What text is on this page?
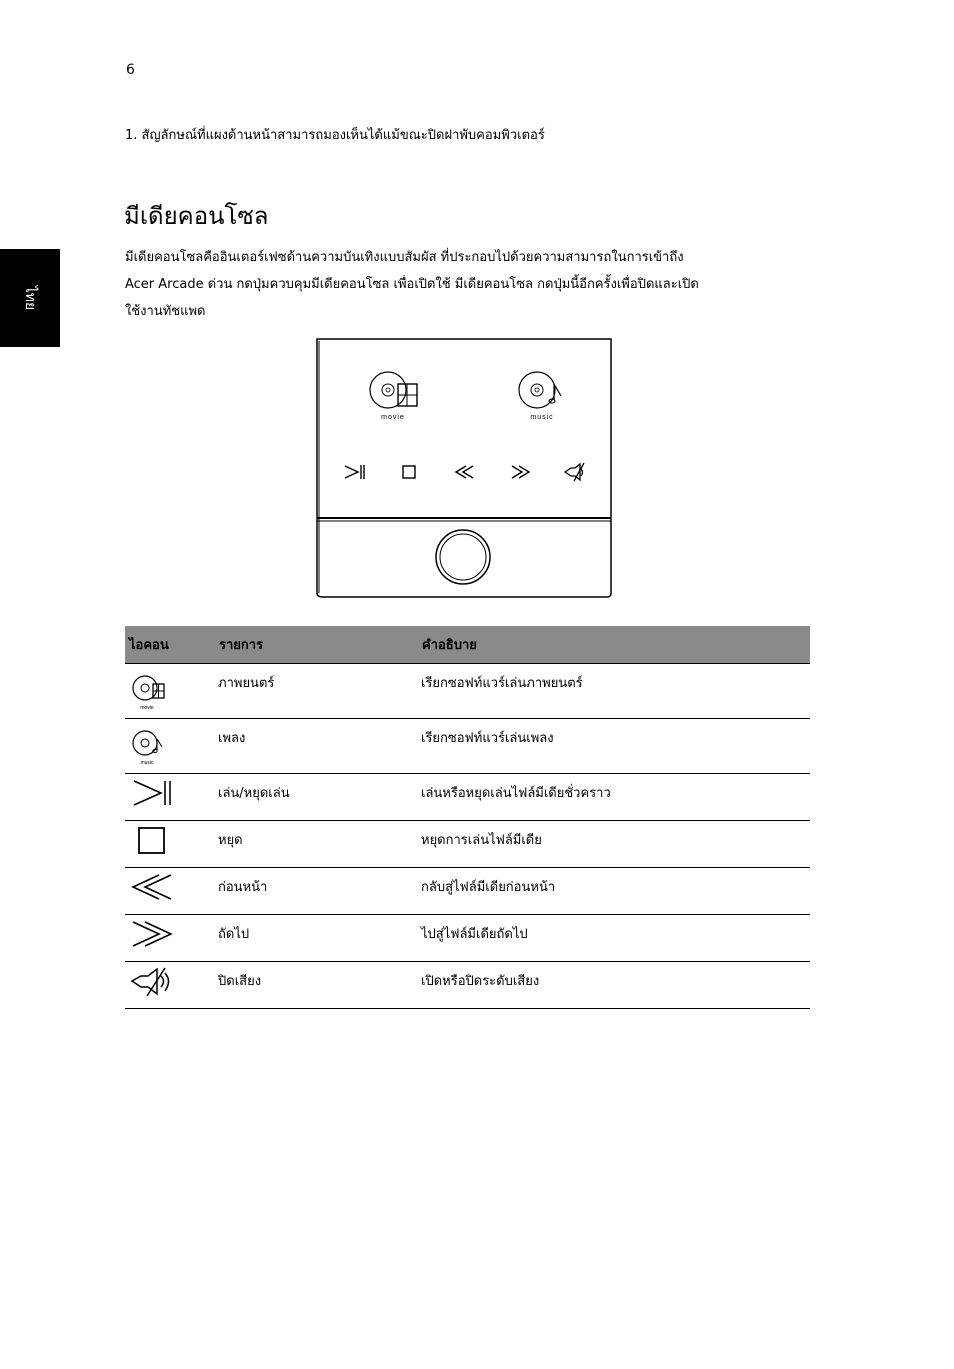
6
ไทย
1. สัญลักษณ์ที่แผงด้านหน้าสามารถมองเห็นได้แม้ขณะปิดฝาพับคอมพิวเตอร์
มีเดียคอนโซล

มีเดียคอนโซลคืออินเตอร์เฟซด้านความบันเทิงแบบสัมผัส ที่ประกอบไปด้วยความสามารถในการเข้าถึง

Acer Arcade ด่วน กดปุ่มควบคุมมีเดียคอนโซล เพื่อเปิดใช้ มีเดียคอนโซล กดปุ่มนี้อีกครั้งเพื่อปิดและเปิด

ใช้งานทัชแพด

movie	music
ไอคอน	รายการ	คำอธิบาย

movie	ภาพยนตร์	เรียกซอฟท์แวร์เล่นภาพยนตร์

music	เพลง	เรียกซอฟท์แวร์เล่นเพลง
	เล่น/หยุดเล่น	เล่นหรือหยุดเล่นไฟล์มีเดียชั่วคราว
	หยุด	หยุดการเล่นไฟล์มีเดีย
	ก่อนหน้า	กลับสู่ไฟล์มีเดียก่อนหน้า
	ถัดไป	ไปสู่ไฟล์มีเดียถัดไป
	ปิดเสียง	เปิดหรือปิดระดับเสียง
